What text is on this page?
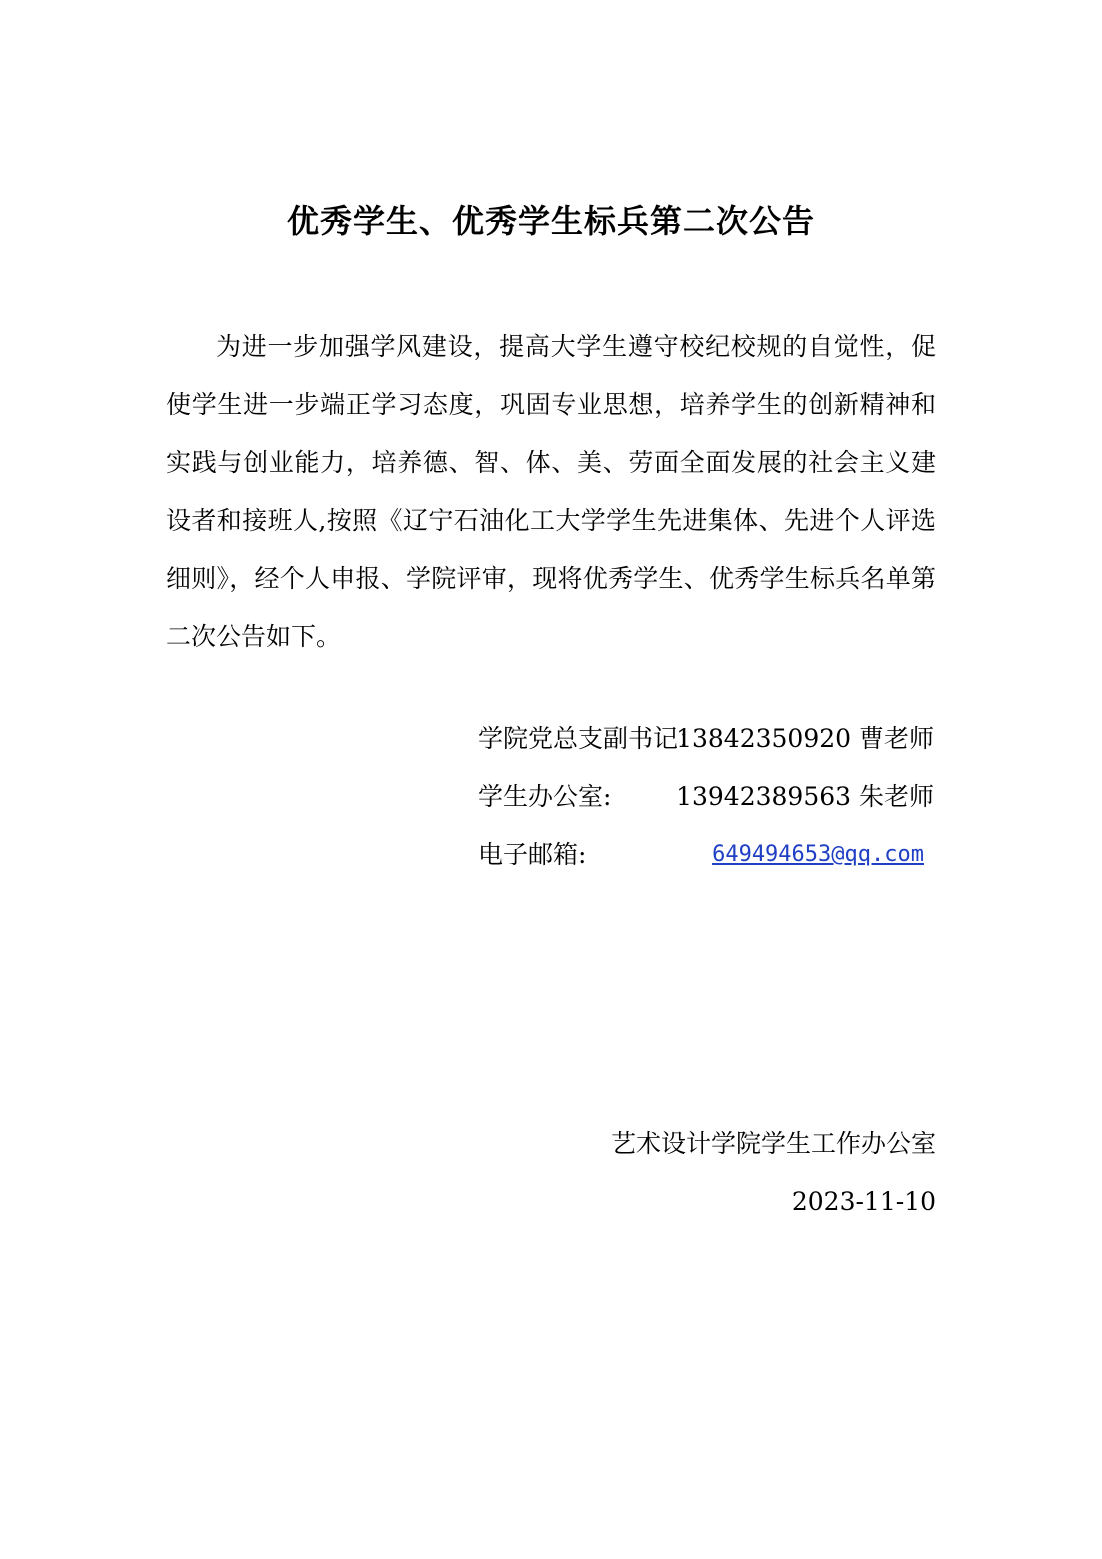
优秀学生、优秀学生标兵第二次公告
为进一步加强学风建设，提高大学生遵守校纪校规的自觉性，促使学生进一步端正学习态度，巩固专业思想，培养学生的创新精神和实践与创业能力，培养德、智、体、美、劳面全面发展的社会主义建设者和接班人,按照《辽宁石油化工大学学生先进集体、先进个人评选细则》，经个人申报、学院评审，现将优秀学生、优秀学生标兵名单第二次公告如下。
学院党总支副书记：
13842350920 曹老师
学生办公室:	13942389563 朱老师
电子邮箱:	649494653@qq.com
艺术设计学院学生工作办公室
2023-11-10
